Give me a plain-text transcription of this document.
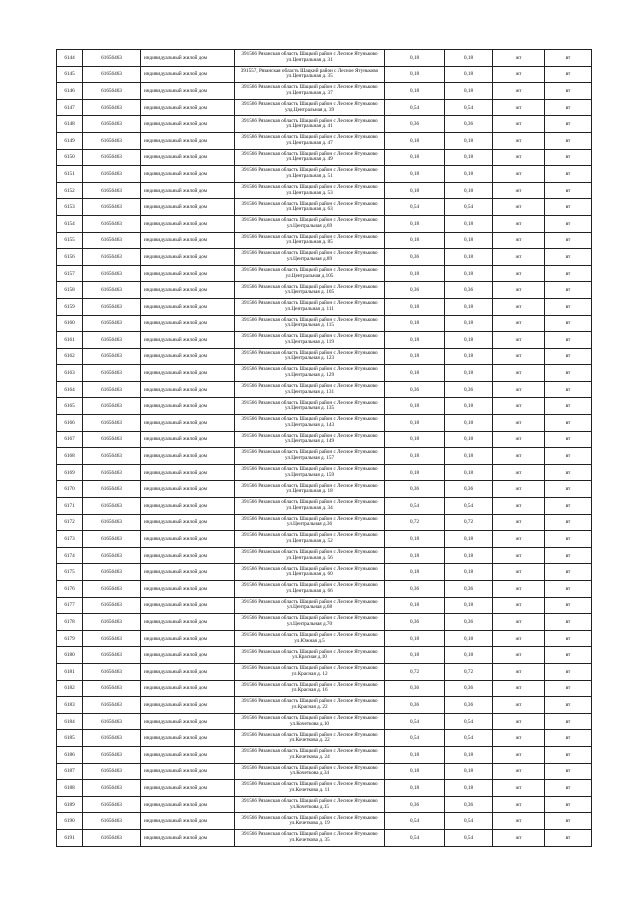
6144	61656463	индивидуальный жилой дом	391566 Рязанская область Шацкий район с Лесное Ятуньково ул.Центральная д. 31	0,18	0,18	жт	вт
6145	61656463	индивидуальный жилой дом	391557, Рязанская область Шацкий район с Лесное Ятуньково ул.Центральная д. 35	0,18	0,18	жт	вт
6146	61656463	индивидуальный жилой дом	391566 Рязанская область Шацкий район с Лесное Ятуньково ул.Центральная д. 37	0,18	0,18	жт	вт
6147	61656463	индивидуальный жилой дом	391566 Рязанская область Шацкий район с Лесное Ятуньково улд.Центральная д. 39	0,54	0,54	жт	вт
6148	61656463	индивидуальный жилой дом	391566 Рязанская область Шацкий район с Лесное Ятуньково ул.Центральная д. 41	0,36	0,36	жт	вт
6149	61656463	индивидуальный жилой дом	391566 Рязанская область Шацкий район с Лесное Ятуньково ул.Центральная д. 47	0,18	0,18	жт	вт
6150	61656463	индивидуальный жилой дом	391566 Рязанская область Шацкий район с Лесное Ятуньково ул.Центральная д. 49	0,18	0,18	жт	вт
6151	61656463	индивидуальный жилой дом	391566 Рязанская область Шацкий район с Лесное Ятуньково ул.Центральная д. 51	0,18	0,18	жт	вт
6152	61656463	индивидуальный жилой дом	391566 Рязанская область Шацкий район с Лесное Ятуньково ул.Центральная д. 53	0,18	0,18	жт	вт
6153	61656463	индивидуальный жилой дом	391566 Рязанская область Шацкий район с Лесное Ятуньково ул.Центральная д. 63	0,54	0,54	жт	вт
6154	61656463	индивидуальный жилой дом	391566 Рязанская область Шацкий район с Лесное Ятуньково ул.Центральная д.69	0,18	0,18	жт	вт
6155	61656463	индивидуальный жилой дом	391566 Рязанская область Шацкий район с Лесное Ятуньково ул.Центральная д. 85	0,18	0,18	жт	вт
6156	61656463	индивидуальный жилой дом	391566 Рязанская область Шацкий район с Лесное Ятуньково ул.Центральная д.89	0,36	0,18	жт	вт
6157	61656463	индивидуальный жилой дом	391566 Рязанская область Шацкий район с Лесное Ятуньково ул.Центральная д.105	0,18	0,18	жт	вт
6158	61656463	индивидуальный жилой дом	391566 Рязанская область Шацкий район с Лесное Ятуньково ул.Центральная д. 105	0,36	0,36	жт	вт
6159	61656463	индивидуальный жилой дом	391566 Рязанская область Шацкий район с Лесное Ятуньково ул.Центральная д. 111	0,18	0,18	жт	вт
6160	61656463	индивидуальный жилой дом	391566 Рязанская область Шацкий район с Лесное Ятуньково ул.Центральная д. 115	0,18	0,18	жт	вт
6161	61656463	индивидуальный жилой дом	391566 Рязанская область Шацкий район с Лесное Ятуньково ул.Центральная д. 119	0,18	0,18	жт	вт
6162	61656463	индивидуальный жилой дом	391566 Рязанская область Шацкий район с Лесное Ятуньково ул.Центральная д. 123	0,18	0,18	жт	вт
6163	61656463	индивидуальный жилой дом	391566 Рязанская область Шацкий район с Лесное Ятуньково ул.Центральная д. 129	0,18	0,18	жт	вт
6164	61656463	индивидуальный жилой дом	391566 Рязанская область Шацкий район с Лесное Ятуньково ул.Центральная д. 131	0,36	0,36	жт	вт
6165	61656463	индивидуальный жилой дом	391566 Рязанская область Шацкий район с Лесное Ятуньково ул.Центральная д. 135	0,18	0,18	жт	вт
6166	61656463	индивидуальный жилой дом	391566 Рязанская область Шацкий район с Лесное Ятуньково ул.Центральная д. 143	0,18	0,18	жт	вт
6167	61656463	индивидуальный жилой дом	391566 Рязанская область Шацкий район с Лесное Ятуньково ул.Центральная д. 149	0,18	0,18	жт	вт
6168	61656463	индивидуальный жилой дом	391566 Рязанская область Шацкий район с Лесное Ятуньково ул.Центральная д. 157	0,18	0,18	жт	вт
6169	61656463	индивидуальный жилой дом	391566 Рязанская область Шацкий район с Лесное Ятуньково ул.Центральная д. 159	0,18	0,18	жт	вт
6170	61656463	индивидуальный жилой дом	391566 Рязанская область Шацкий район с Лесное Ятуньково ул.Центральная д. 18	0,36	0,36	жт	вт
6171	61656463	индивидуальный жилой дом	391566 Рязанская область Шацкий район с Лесное Ятуньково ул.Центральная д. 34	0,54	0,54	жт	вт
6172	61656463	индивидуальный жилой дом	391566 Рязанская область Шацкий район с Лесное Ятуньково ул.Центральная д.36	0,72	0,72	жт	вт
6173	61656463	индивидуальный жилой дом	391566 Рязанская область Шацкий район с Лесное Ятуньково ул.Центральная д. 52	0,18	0,18	жт	вт
6174	61656463	индивидуальный жилой дом	391566 Рязанская область Шацкий район с Лесное Ятуньково ул.Центральная д. 56	0,18	0,18	жт	вт
6175	61656463	индивидуальный жилой дом	391566 Рязанская область Шацкий район с Лесное Ятуньково ул.Центральная д. 60	0,18	0,18	жт	вт
6176	61656463	индивидуальный жилой дом	391566 Рязанская область Шацкий район с Лесное Ятуньково ул.Центральная д. 66	0,36	0,36	жт	вт
6177	61656463	индивидуальный жилой дом	391566 Рязанская область Шацкий район с Лесное Ятуньково ул.Центральная д.68	0,18	0,18	жт	вт
6178	61656463	индивидуальный жилой дом	391566 Рязанская область Шацкий район с Лесное Ятуньково ул.Центральная д.70	0,36	0,36	жт	вт
6179	61656463	индивидуальный жилой дом	391566 Рязанская область Шацкий район с Лесное Ятуньково ул.Южная д.5	0,18	0,18	жт	вт
6180	61656463	индивидуальный жилой дом	391566 Рязанская область Шацкий район с Лесное Ятуньково ул.Красная д.10	0,18	0,18	жт	вт
6181	61656463	индивидуальный жилой дом	391566 Рязанская область Шацкий район с Лесное Ятуньково ул.Красная д. 12	0,72	0,72	жт	вт
6182	61656463	индивидуальный жилой дом	391566 Рязанская область Шацкий район с Лесное Ятуньково ул.Красная д. 16	0,36	0,36	жт	вт
6183	61656463	индивидуальный жилой дом	391566 Рязанская область Шацкий район с Лесное Ятуньково ул.Красная д. 22	0,36	0,36	жт	вт
6184	61656463	индивидуальный жилой дом	391566 Рязанская область Шацкий район с Лесное Ятуньково ул.Кочеткова д.10	0,54	0,54	жт	вт
6185	61656463	индивидуальный жилой дом	391566 Рязанская область Шацкий район с Лесное Ятуньково ул.Кочеткова д. 22	0,54	0,54	жт	вт
6186	61656463	индивидуальный жилой дом	391566 Рязанская область Шацкий район с Лесное Ятуньково ул.Кочеткова д. 24	0,18	0,18	жт	вт
6187	61656463	индивидуальный жилой дом	391566 Рязанская область Шацкий район с Лесное Ятуньково ул.Кочеткова д.34	0,18	0,18	жт	вт
6188	61656463	индивидуальный жилой дом	391566 Рязанская область Шацкий район с Лесное Ятуньково ул.Кочеткова д. 11	0,18	0,18	жт	вт
6189	61656463	индивидуальный жилой дом	391566 Рязанская область Шацкий район с Лесное Ятуньково ул.Кочеткова д.15	0,36	0,36	жт	вт
6190	61656463	индивидуальный жилой дом	391566 Рязанская область Шацкий район с Лесное Ятуньково ул.Кочеткова д. 19	0,54	0,54	жт	вт
6191	61656463	индивидуальный жилой дом	391566 Рязанская область Шацкий район с Лесное Ятуньково ул.Кочеткова д. 35	0,54	0,54	жт	вт
